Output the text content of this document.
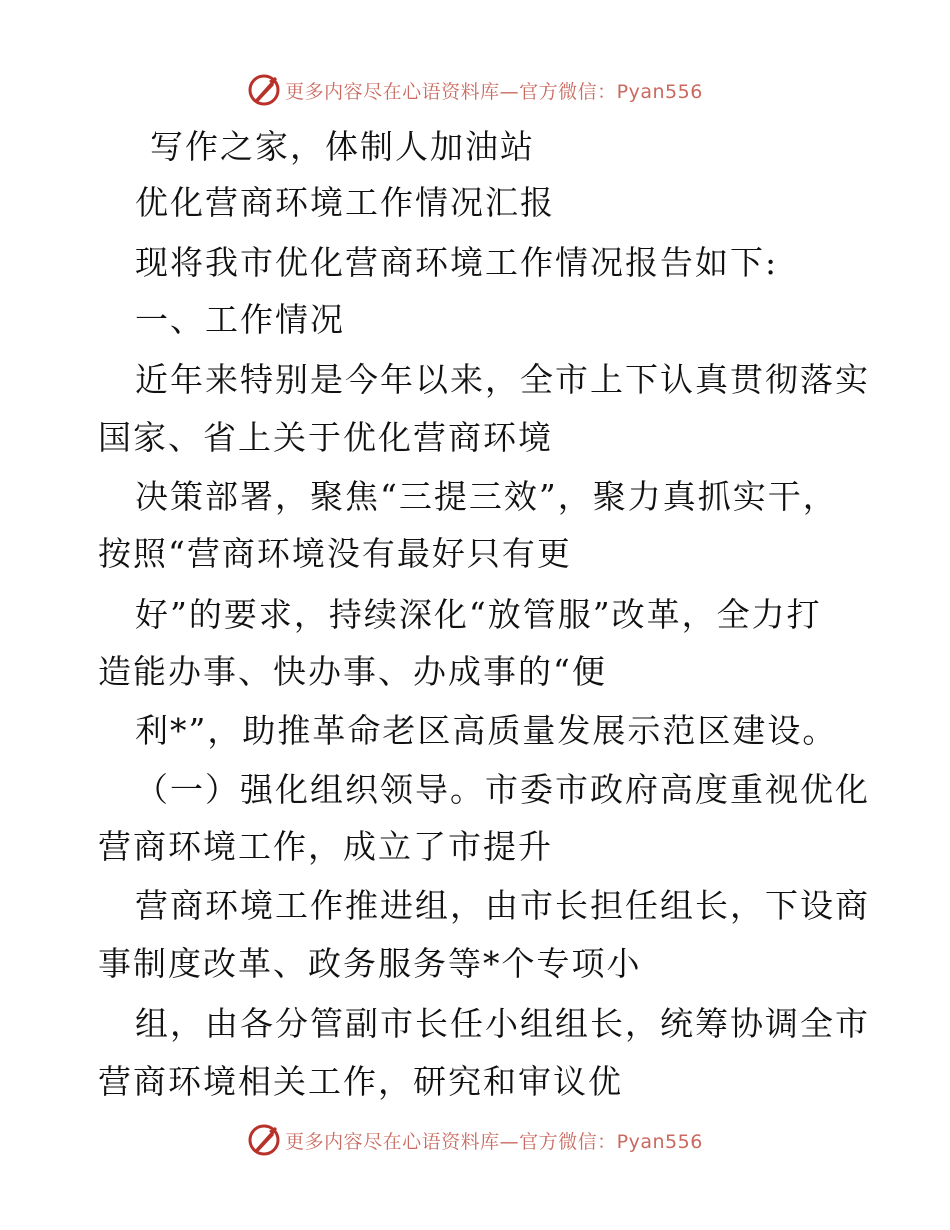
更多内容尽在心语资料库—官方微信：Pyan556
写作之家，体制人加油站
优化营商环境工作情况汇报
现将我市优化营商环境工作情况报告如下:
一、工作情况
近年来特别是今年以来，全市上下认真贯彻落实
国家、省上关于优化营商环境
决策部署，聚焦“三提三效”，聚力真抓实干，
按照“营商环境没有最好只有更
好”的要求，持续深化“放管服”改革，全力打
造能办事、快办事、办成事的“便
利*”，助推革命老区高质量发展示范区建设。
（一）强化组织领导。市委市政府高度重视优化
营商环境工作，成立了市提升
营商环境工作推进组，由市长担任组长，下设商
事制度改革、政务服务等*个专项小
组，由各分管副市长任小组组长，统筹协调全市
营商环境相关工作，研究和审议优
更多内容尽在心语资料库—官方微信：Pyan556
